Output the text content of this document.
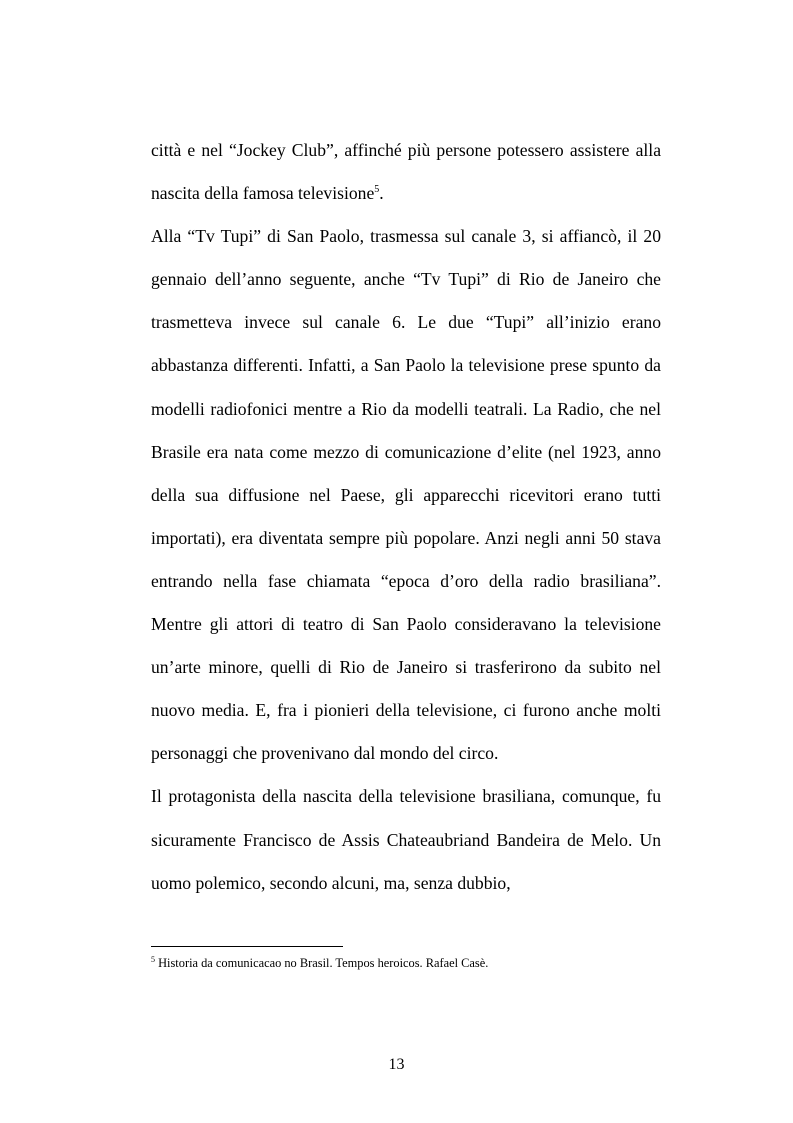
città e nel “Jockey Club”, affinché più persone potessero assistere alla nascita della famosa televisione$^5$.

Alla “Tv Tupi” di San Paolo, trasmessa sul canale 3, si affiancò, il 20 gennaio dell’anno seguente, anche “Tv Tupi” di Rio de Janeiro che trasmetteva invece sul canale 6. Le due “Tupi” all’inizio erano abbastanza differenti. Infatti, a San Paolo la televisione prese spunto da modelli radiofonici mentre a Rio da modelli teatrali. La Radio, che nel Brasile era nata come mezzo di comunicazione d’elite (nel 1923, anno della sua diffusione nel Paese, gli apparecchi ricevitori erano tutti importati), era diventata sempre più popolare. Anzi negli anni 50 stava entrando nella fase chiamata “epoca d’oro della radio brasiliana”. Mentre gli attori di teatro di San Paolo consideravano la televisione un’arte minore, quelli di Rio de Janeiro si trasferirono da subito nel nuovo media. E, fra i pionieri della televisione, ci furono anche molti personaggi che provenivano dal mondo del circo.

Il protagonista della nascita della televisione brasiliana, comunque, fu sicuramente Francisco de Assis Chateaubriand Bandeira de Melo. Un uomo polemico, secondo alcuni, ma, senza dubbio,

$^5$ Historia da comunicacao no Brasil. Tempos heroicos. Rafael Casè.
13
